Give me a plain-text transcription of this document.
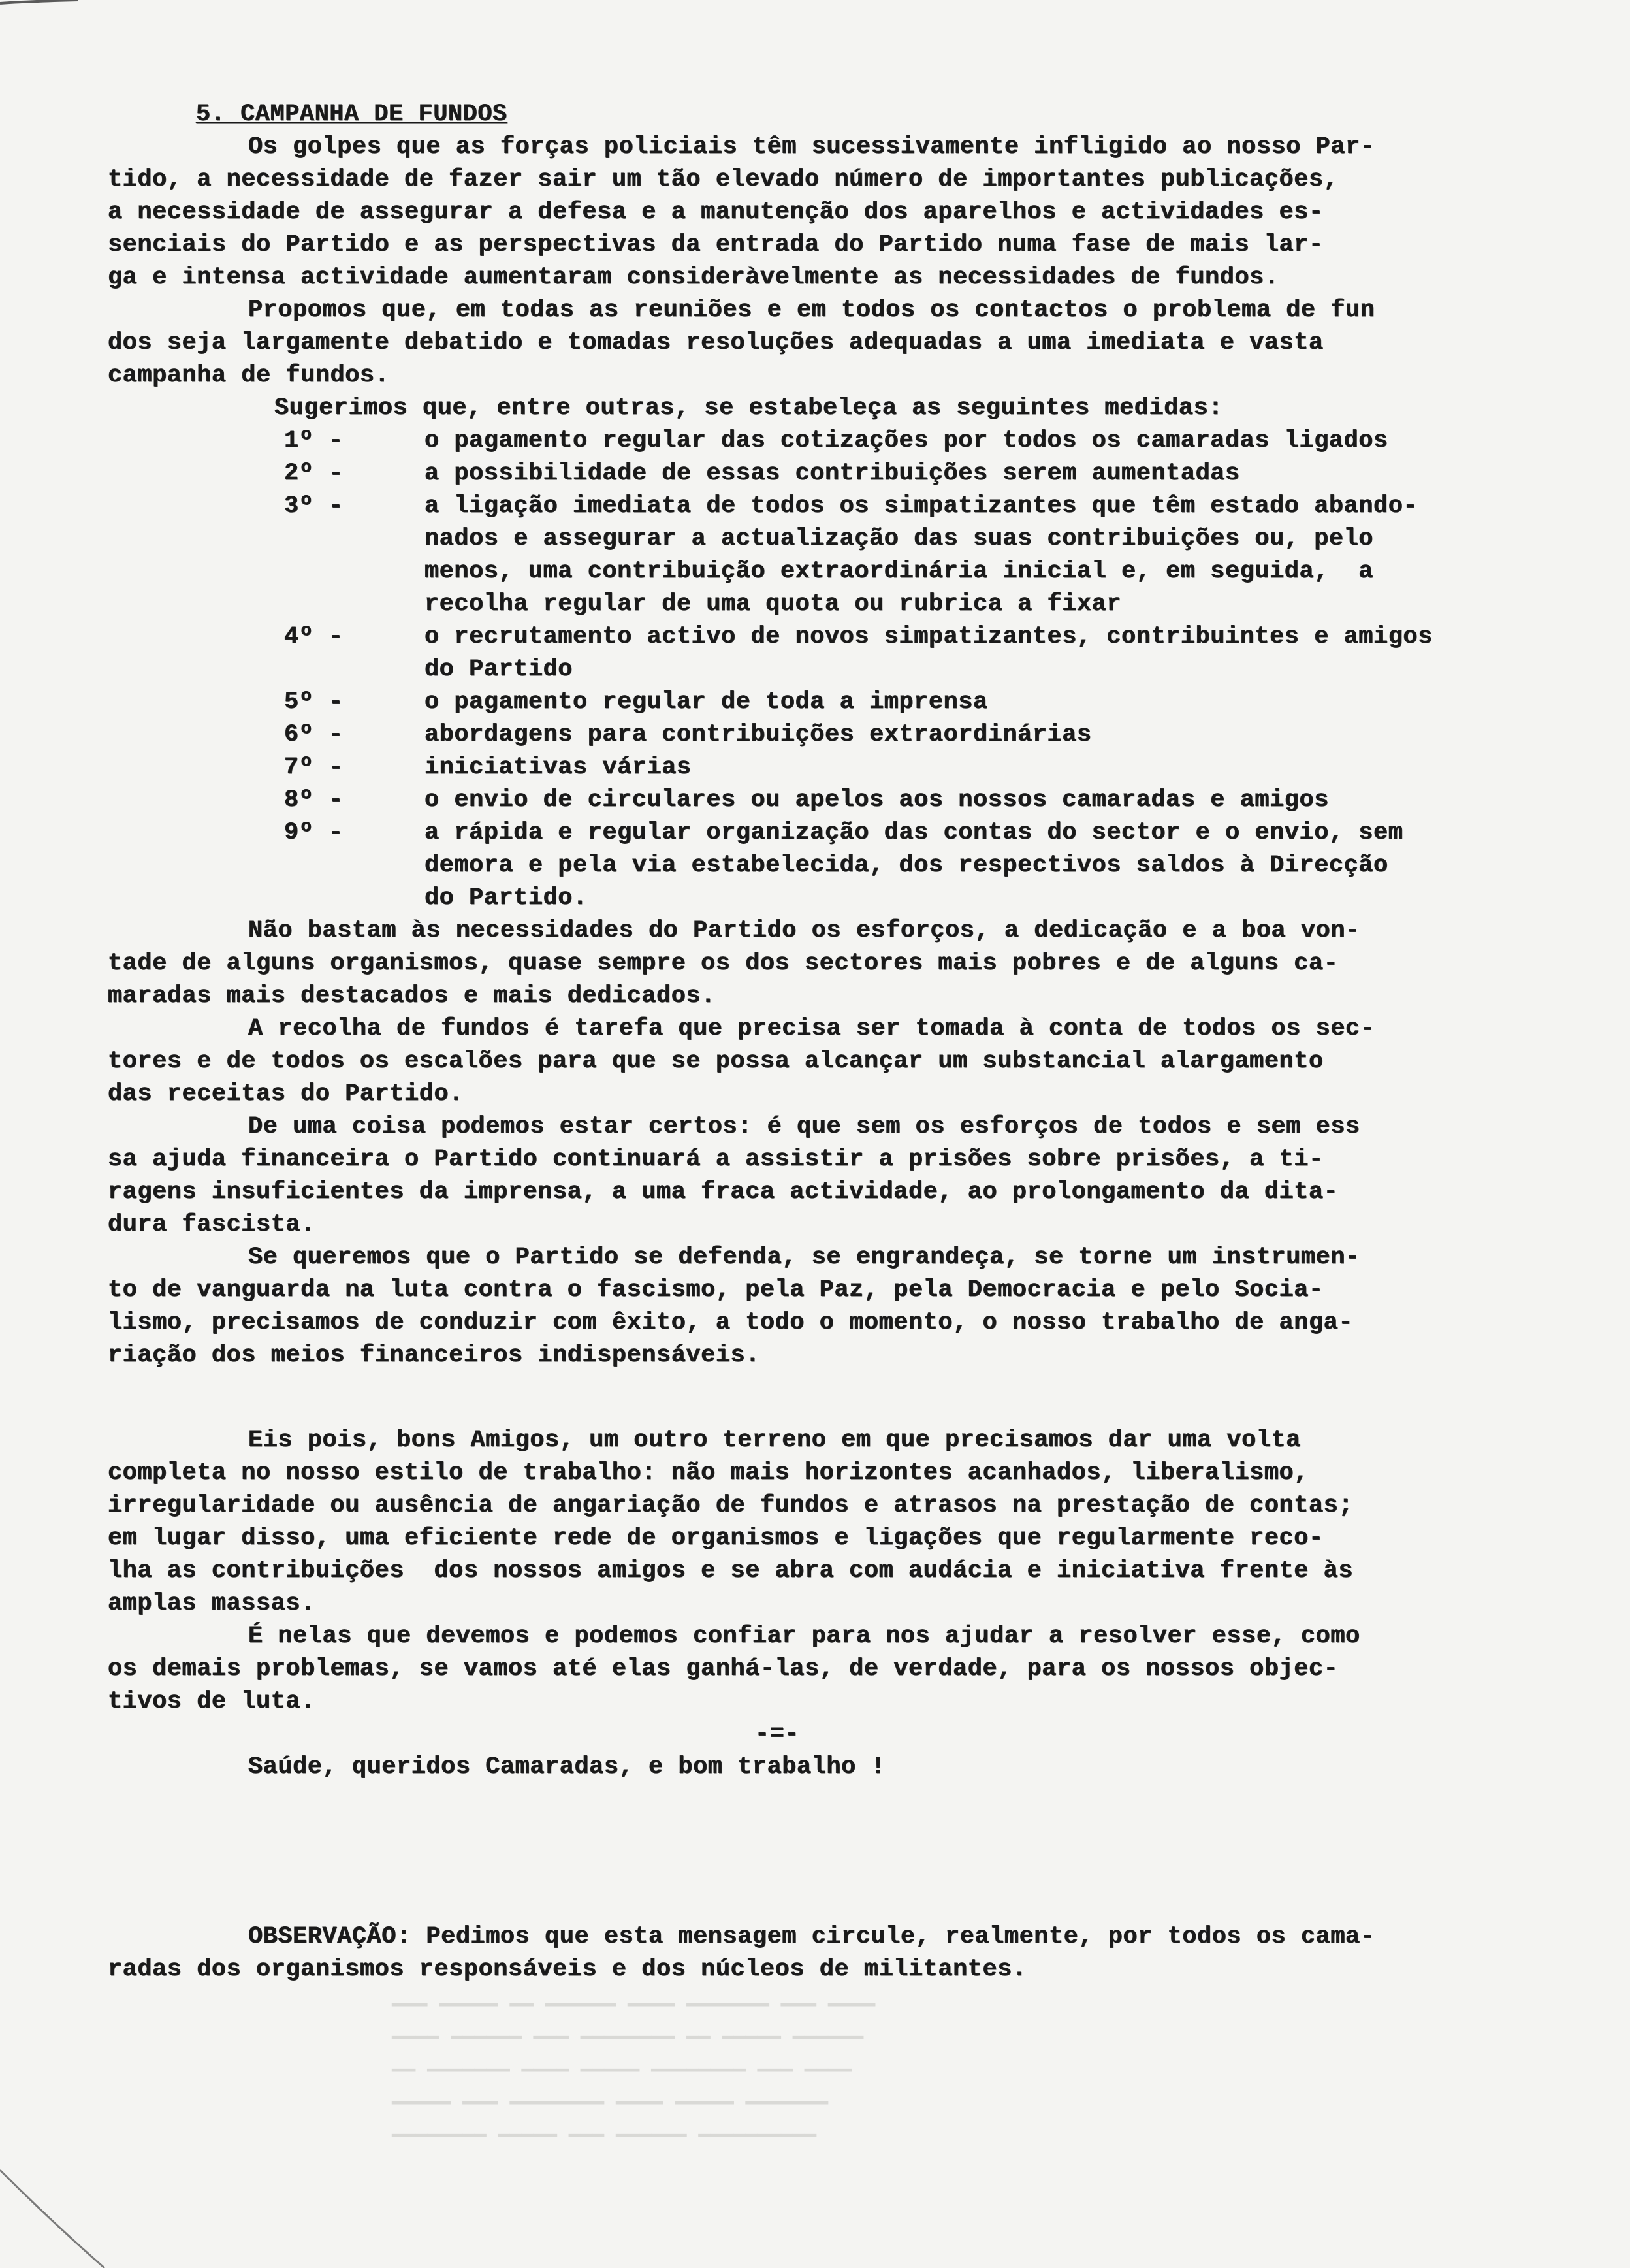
5. CAMPANHA DE FUNDOS
Os golpes que as forças policiais têm sucessivamente infligido ao nosso Par-
tido, a necessidade de fazer sair um tão elevado número de importantes publicações,
a necessidade de assegurar a defesa e a manutenção dos aparelhos e actividades es-
senciais do Partido e as perspectivas da entrada do Partido numa fase de mais lar-
ga e intensa actividade aumentaram consideràvelmente as necessidades de fundos.
Propomos que, em todas as reuniões e em todos os contactos o problema de fun
dos seja largamente debatido e tomadas resoluções adequadas a uma imediata e vasta
campanha de fundos.
Sugerimos que, entre outras, se estabeleça as seguintes medidas:
1º -	o pagamento regular das cotizações por todos os camaradas ligados
2º -	a possibilidade de essas contribuições serem aumentadas
3º -	a ligação imediata de todos os simpatizantes que têm estado abando-
nados e assegurar a actualização das suas contribuições ou, pelo
menos, uma contribuição extraordinária inicial e, em seguida,  a
recolha regular de uma quota ou rubrica a fixar
4º -	o recrutamento activo de novos simpatizantes, contribuintes e amigos
do Partido
5º -	o pagamento regular de toda a imprensa
6º -	abordagens para contribuições extraordinárias
7º -	iniciativas várias
8º -	o envio de circulares ou apelos aos nossos camaradas e amigos
9º -	a rápida e regular organização das contas do sector e o envio, sem
demora e pela via estabelecida, dos respectivos saldos à Direcção
do Partido.
Não bastam às necessidades do Partido os esforços, a dedicação e a boa von-
tade de alguns organismos, quase sempre os dos sectores mais pobres e de alguns ca-
maradas mais destacados e mais dedicados.
A recolha de fundos é tarefa que precisa ser tomada à conta de todos os sec-
tores e de todos os escalões para que se possa alcançar um substancial alargamento
das receitas do Partido.
De uma coisa podemos estar certos: é que sem os esforços de todos e sem ess
sa ajuda financeira o Partido continuará a assistir a prisões sobre prisões, a ti-
ragens insuficientes da imprensa, a uma fraca actividade, ao prolongamento da dita-
dura fascista.
Se queremos que o Partido se defenda, se engrandeça, se torne um instrumen-
to de vanguarda na luta contra o fascismo, pela Paz, pela Democracia e pelo Socia-
lismo, precisamos de conduzir com êxito, a todo o momento, o nosso trabalho de anga-
riação dos meios financeiros indispensáveis.
Eis pois, bons Amigos, um outro terreno em que precisamos dar uma volta
completa no nosso estilo de trabalho: não mais horizontes acanhados, liberalismo,
irregularidade ou ausência de angariação de fundos e atrasos na prestação de contas;
em lugar disso, uma eficiente rede de organismos e ligações que regularmente reco-
lha as contribuições  dos nossos amigos e se abra com audácia e iniciativa frente às
amplas massas.
É nelas que devemos e podemos confiar para nos ajudar a resolver esse, como
os demais problemas, se vamos até elas ganhá-las, de verdade, para os nossos objec-
tivos de luta.
-=-
Saúde, queridos Camaradas, e bom trabalho !
OBSERVAÇÃO: Pedimos que esta mensagem circule, realmente, por todos os cama-
radas dos organismos responsáveis e dos núcleos de militantes.
▁▁▁ ▁▁▁▁▁ ▁▁ ▁▁▁▁▁▁ ▁▁▁▁ ▁▁▁▁▁▁▁ ▁▁▁ ▁▁▁▁
▁▁▁▁ ▁▁▁▁▁▁ ▁▁▁ ▁▁▁▁▁▁▁▁ ▁▁ ▁▁▁▁▁ ▁▁▁▁▁▁
▁▁ ▁▁▁▁▁▁▁ ▁▁▁▁ ▁▁▁▁▁ ▁▁▁▁▁▁▁▁ ▁▁▁ ▁▁▁▁
▁▁▁▁▁ ▁▁▁ ▁▁▁▁▁▁▁▁ ▁▁▁▁ ▁▁▁▁▁ ▁▁▁▁▁▁▁
▁▁▁▁▁▁▁▁ ▁▁▁▁▁ ▁▁▁ ▁▁▁▁▁▁ ▁▁▁▁▁▁▁▁▁▁
